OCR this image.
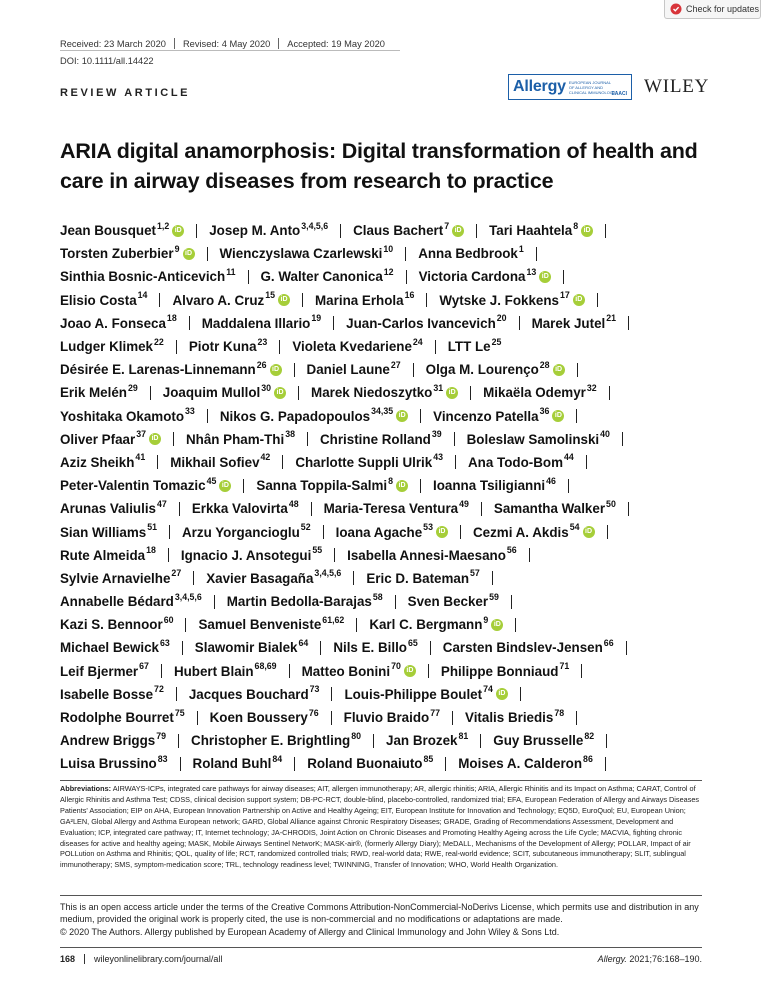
Check for updates
Received: 23 March 2020 Revised: 4 May 2020 Accepted: 19 May 2020
DOI: 10.1111/all.14422
REVIEW ARTICLE	Allergy EUROPEAN JOURNAL OF ALLERGY AND CLINICAL IMMUNOLOGY
EAACI WILEY
ARIA digital anamorphosis: Digital transformation of health and care in airway diseases from research to practice
Jean Bousquet$^{1,2}$ iD Josep M. Anto$^{3,4,5,6}$ Claus Bachert$^7$ iD Tari Haahtela$^8$ iD
Torsten Zuberbier$^9$ iD Wienczyslawa Czarlewski$^{10}$ Anna Bedbrook$^1$
Sinthia Bosnic-Anticevich$^{11}$ G. Walter Canonica$^{12}$ Victoria Cardona$^{13}$ iD
Elisio Costa$^{14}$ Alvaro A. Cruz$^{15}$ iD Marina Erhola$^{16}$ Wytske J. Fokkens$^{17}$ iD
Joao A. Fonseca$^{18}$ Maddalena Illario$^{19}$ Juan-Carlos Ivancevich$^{20}$ Marek Jutel$^{21}$
Ludger Klimek$^{22}$ Piotr Kuna$^{23}$ Violeta Kvedariene$^{24}$ LTT Le$^{25}$
Désirée E. Larenas-Linnemann$^{26}$ iD Daniel Laune$^{27}$ Olga M. Lourenço$^{28}$ iD
Erik Melén$^{29}$ Joaquim Mullol$^{30}$ iD Marek Niedoszytko$^{31}$ iD Mikaëla Odemyr$^{32}$
Yoshitaka Okamoto$^{33}$ Nikos G. Papadopoulos$^{34,35}$ iD Vincenzo Patella$^{36}$ iD
Oliver Pfaar$^{37}$ iD Nhân Pham-Thi$^{38}$ Christine Rolland$^{39}$ Boleslaw Samolinski$^{40}$
Aziz Sheikh$^{41}$ Mikhail Sofiev$^{42}$ Charlotte Suppli Ulrik$^{43}$ Ana Todo-Bom$^{44}$
Peter-Valentin Tomazic$^{45}$ iD Sanna Toppila-Salmi$^8$ iD Ioanna Tsiligianni$^{46}$
Arunas Valiulis$^{47}$ Erkka Valovirta$^{48}$ Maria-Teresa Ventura$^{49}$ Samantha Walker$^{50}$
Sian Williams$^{51}$ Arzu Yorgancioglu$^{52}$ Ioana Agache$^{53}$ iD Cezmi A. Akdis$^{54}$ iD
Rute Almeida$^{18}$ Ignacio J. Ansotegui$^{55}$ Isabella Annesi-Maesano$^{56}$
Sylvie Arnavielhe$^{27}$ Xavier Basagaña$^{3,4,5,6}$ Eric D. Bateman$^{57}$
Annabelle Bédard$^{3,4,5,6}$ Martin Bedolla-Barajas$^{58}$ Sven Becker$^{59}$
Kazi S. Bennoor$^{60}$ Samuel Benveniste$^{61,62}$ Karl C. Bergmann$^9$ iD
Michael Bewick$^{63}$ Slawomir Bialek$^{64}$ Nils E. Billo$^{65}$ Carsten Bindslev-Jensen$^{66}$
Leif Bjermer$^{67}$ Hubert Blain$^{68,69}$ Matteo Bonini$^{70}$ iD Philippe Bonniaud$^{71}$
Isabelle Bosse$^{72}$ Jacques Bouchard$^{73}$ Louis-Philippe Boulet$^{74}$ iD
Rodolphe Bourret$^{75}$ Koen Boussery$^{76}$ Fluvio Braido$^{77}$ Vitalis Briedis$^{78}$
Andrew Briggs$^{79}$ Christopher E. Brightling$^{80}$ Jan Brozek$^{81}$ Guy Brusselle$^{82}$
Luisa Brussino$^{83}$ Roland Buhl$^{84}$ Roland Buonaiuto$^{85}$ Moises A. Calderon$^{86}$
Abbreviations: AIRWAYS-ICPs, integrated care pathways for airway diseases; AIT, allergen immunotherapy; AR, allergic rhinitis; ARIA, Allergic Rhinitis and its Impact on Asthma; CARAT, Control of Allergic Rhinitis and Asthma Test; CDSS, clinical decision support system; DB-PC-RCT, double-blind, placebo-controlled, randomized trial; EFA, European Federation of Allergy and Airways Diseases Patients' Association; EIP on AHA, European Innovation Partnership on Active and Healthy Ageing; EIT, European Institute for Innovation and Technology; EQ5D, EuroQuol; EU, European Union; GA²LEN, Global Allergy and Asthma European network; GARD, Global Alliance against Chronic Respiratory Diseases; GRADE, Grading of Recommendations Assessment, Development and Evaluation; ICP, integrated care pathway; IT, Internet technology; JA-CHRODIS, Joint Action on Chronic Diseases and Promoting Healthy Ageing across the Life Cycle; MACVIA, fighting chronic diseases for active and healthy ageing; MASK, Mobile Airways Sentinel NetworK; MASK-air®, (formerly Allergy Diary); MeDALL, Mechanisms of the Development of Allergy; POLLAR, Impact of air POLLution on Asthma and Rhinitis; QOL, quality of life; RCT, randomized controlled trials; RWD, real-world data; RWE, real-world evidence; SCIT, subcutaneous immunotherapy; SLIT, sublingual immunotherapy; SMS, symptom-medication score; TRL, technology readiness level; TWINNING, Transfer of Innovation; WHO, World Health Organization.
This is an open access article under the terms of the Creative Commons Attribution-NonCommercial-NoDerivs License, which permits use and distribution in any medium, provided the original work is properly cited, the use is non-commercial and no modifications or adaptations are made.
© 2020 The Authors. Allergy published by European Academy of Allergy and Clinical Immunology and John Wiley & Sons Ltd.
168 wileyonlinelibrary.com/journal/all	Allergy. 2021;76:168–190.
